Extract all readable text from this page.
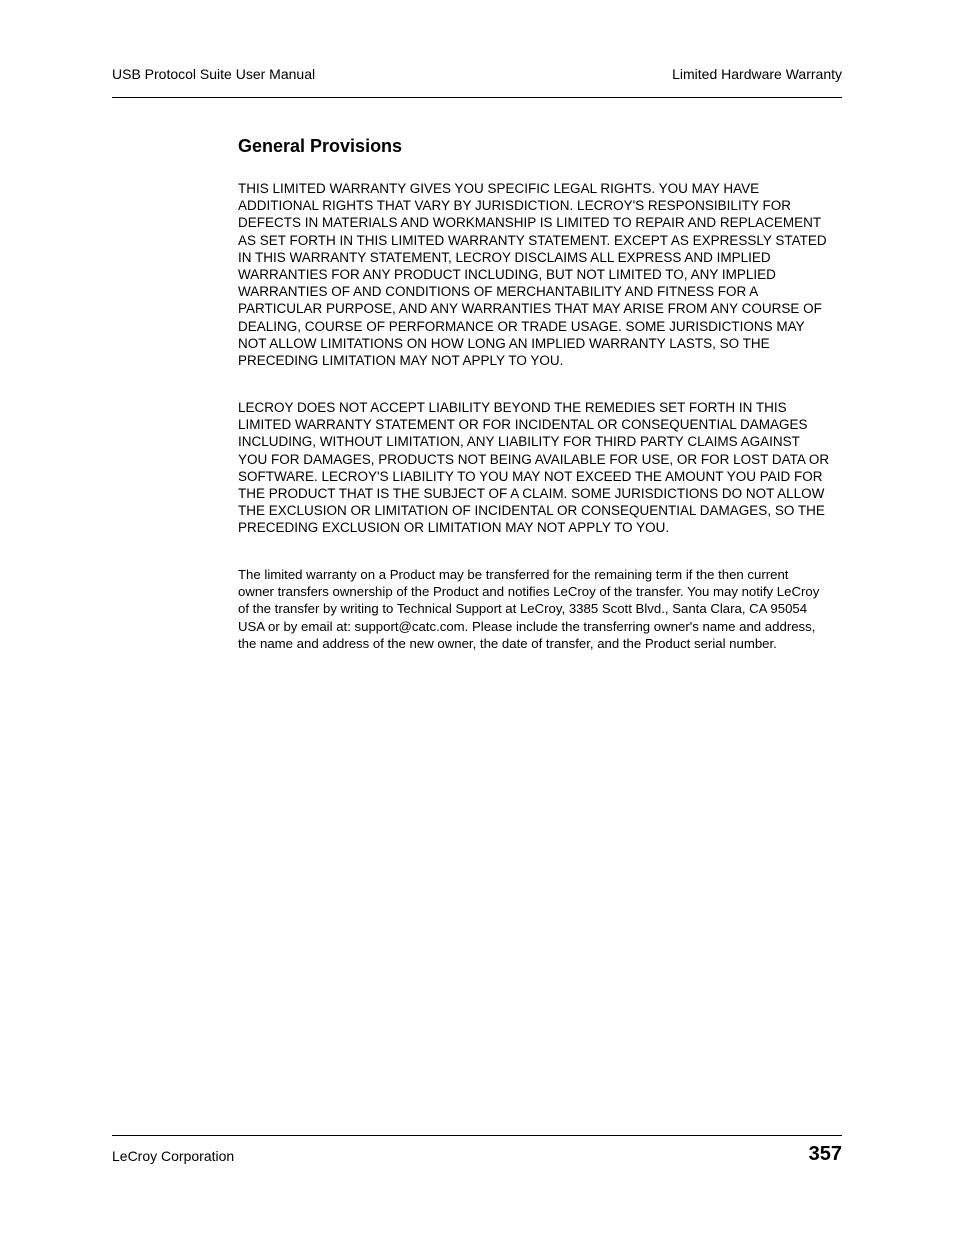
USB Protocol Suite User Manual	Limited Hardware Warranty
General Provisions

THIS LIMITED WARRANTY GIVES YOU SPECIFIC LEGAL RIGHTS. YOU MAY HAVE
ADDITIONAL RIGHTS THAT VARY BY JURISDICTION. LECROY'S RESPONSIBILITY FOR
DEFECTS IN MATERIALS AND WORKMANSHIP IS LIMITED TO REPAIR AND REPLACEMENT
AS SET FORTH IN THIS LIMITED WARRANTY STATEMENT. EXCEPT AS EXPRESSLY STATED
IN THIS WARRANTY STATEMENT, LECROY DISCLAIMS ALL EXPRESS AND IMPLIED
WARRANTIES FOR ANY PRODUCT INCLUDING, BUT NOT LIMITED TO, ANY IMPLIED
WARRANTIES OF AND CONDITIONS OF MERCHANTABILITY AND FITNESS FOR A
PARTICULAR PURPOSE, AND ANY WARRANTIES THAT MAY ARISE FROM ANY COURSE OF
DEALING, COURSE OF PERFORMANCE OR TRADE USAGE. SOME JURISDICTIONS MAY
NOT ALLOW LIMITATIONS ON HOW LONG AN IMPLIED WARRANTY LASTS, SO THE
PRECEDING LIMITATION MAY NOT APPLY TO YOU.

LECROY DOES NOT ACCEPT LIABILITY BEYOND THE REMEDIES SET FORTH IN THIS
LIMITED WARRANTY STATEMENT OR FOR INCIDENTAL OR CONSEQUENTIAL DAMAGES
INCLUDING, WITHOUT LIMITATION, ANY LIABILITY FOR THIRD PARTY CLAIMS AGAINST
YOU FOR DAMAGES, PRODUCTS NOT BEING AVAILABLE FOR USE, OR FOR LOST DATA OR
SOFTWARE. LECROY'S LIABILITY TO YOU MAY NOT EXCEED THE AMOUNT YOU PAID FOR
THE PRODUCT THAT IS THE SUBJECT OF A CLAIM. SOME JURISDICTIONS DO NOT ALLOW
THE EXCLUSION OR LIMITATION OF INCIDENTAL OR CONSEQUENTIAL DAMAGES, SO THE
PRECEDING EXCLUSION OR LIMITATION MAY NOT APPLY TO YOU.

The limited warranty on a Product may be transferred for the remaining term if the then current
owner transfers ownership of the Product and notifies LeCroy of the transfer. You may notify LeCroy
of the transfer by writing to Technical Support at LeCroy, 3385 Scott Blvd., Santa Clara, CA 95054
USA or by email at: support@catc.com. Please include the transferring owner's name and address,
the name and address of the new owner, the date of transfer, and the Product serial number.

LeCroy Corporation	357
